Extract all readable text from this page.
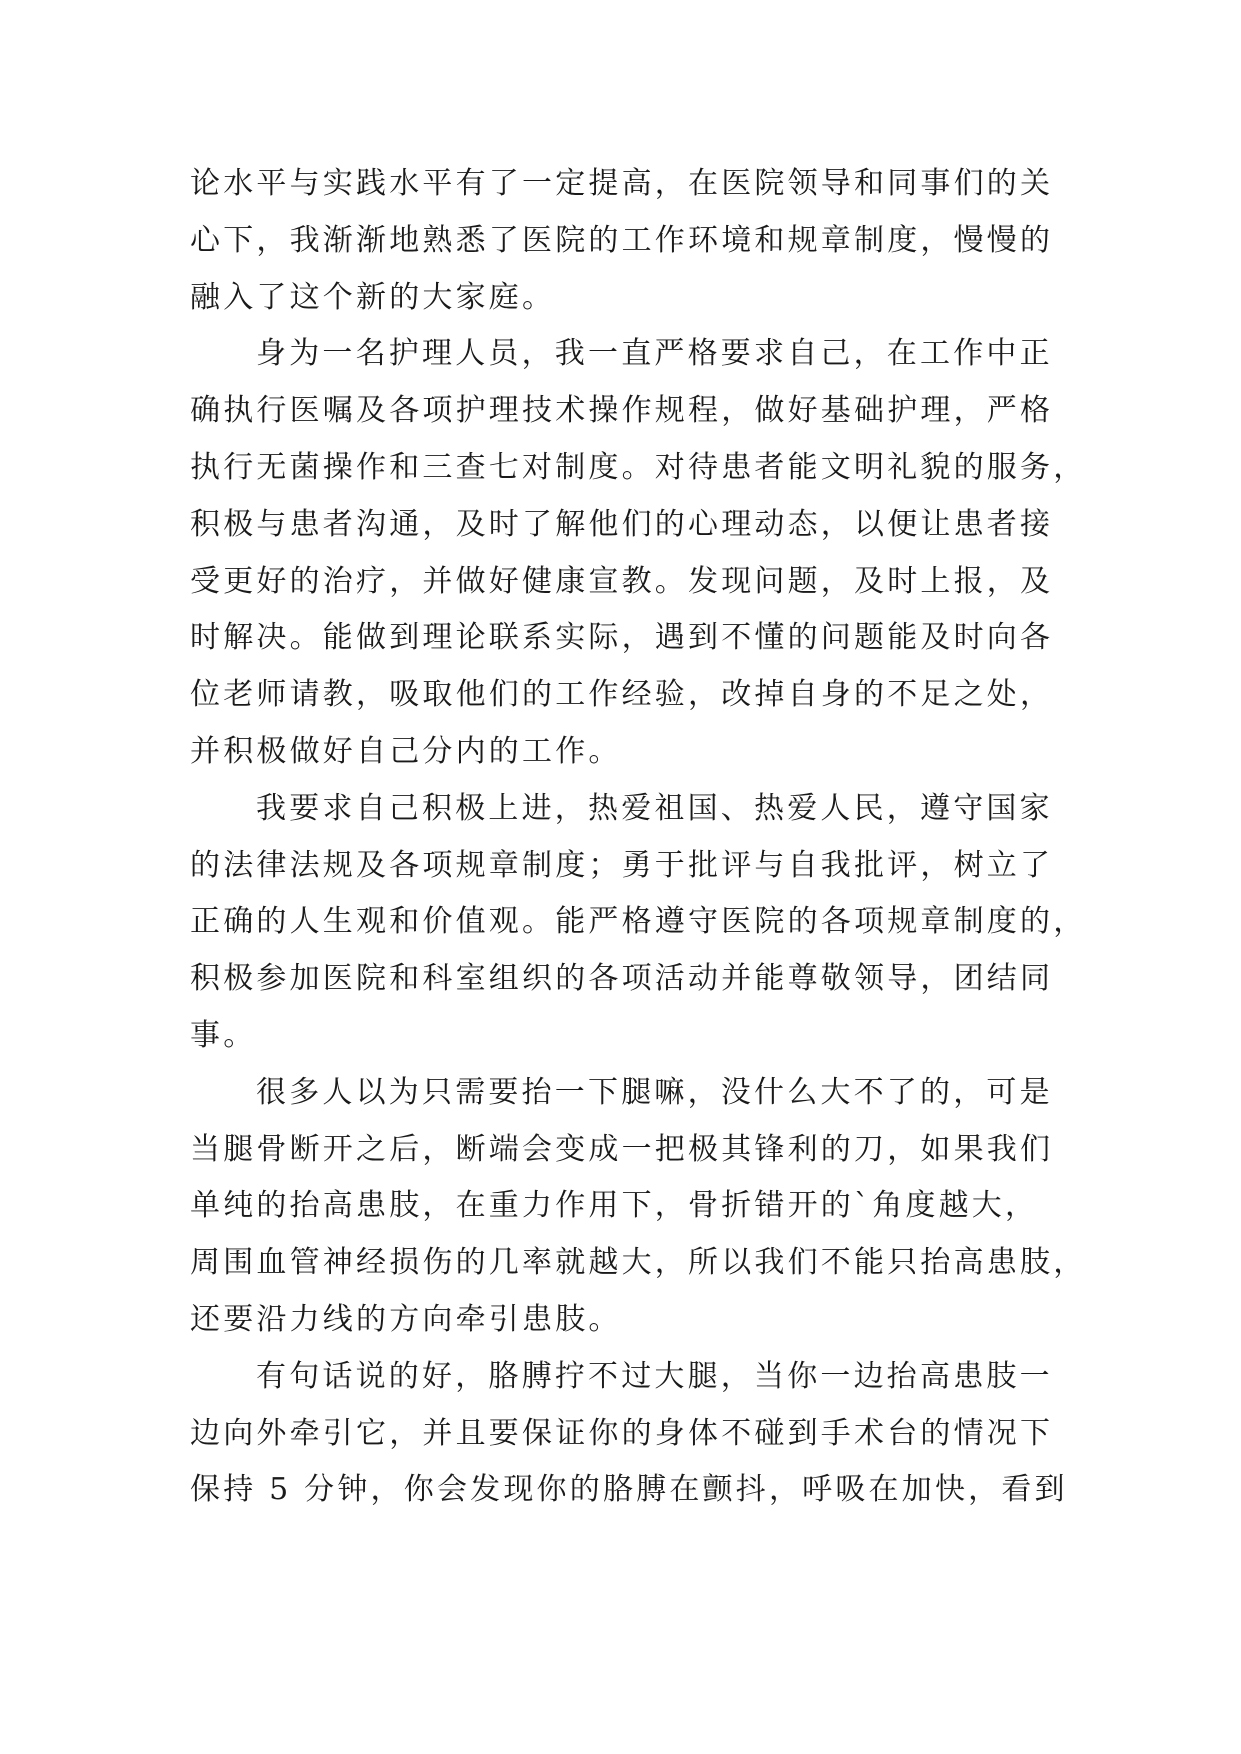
论水平与实践水平有了一定提高，在医院领导和同事们的关
心下，我渐渐地熟悉了医院的工作环境和规章制度，慢慢的
融入了这个新的大家庭。

身为一名护理人员，我一直严格要求自己，在工作中正
确执行医嘱及各项护理技术操作规程，做好基础护理，严格
执行无菌操作和三查七对制度。对待患者能文明礼貌的服务，
积极与患者沟通，及时了解他们的心理动态，以便让患者接
受更好的治疗，并做好健康宣教。发现问题，及时上报，及
时解决。能做到理论联系实际，遇到不懂的问题能及时向各
位老师请教，吸取他们的工作经验，改掉自身的不足之处，
并积极做好自己分内的工作。

我要求自己积极上进，热爱祖国、热爱人民，遵守国家
的法律法规及各项规章制度；勇于批评与自我批评，树立了
正确的人生观和价值观。能严格遵守医院的各项规章制度的，
积极参加医院和科室组织的各项活动并能尊敬领导，团结同
事。

很多人以为只需要抬一下腿嘛，没什么大不了的，可是
当腿骨断开之后，断端会变成一把极其锋利的刀，如果我们
单纯的抬高患肢，在重力作用下，骨折错开的`角度越大，
周围血管神经损伤的几率就越大，所以我们不能只抬高患肢，
还要沿力线的方向牵引患肢。

有句话说的好，胳膊拧不过大腿，当你一边抬高患肢一
边向外牵引它，并且要保证你的身体不碰到手术台的情况下
保持 5 分钟，你会发现你的胳膊在颤抖，呼吸在加快，看到
